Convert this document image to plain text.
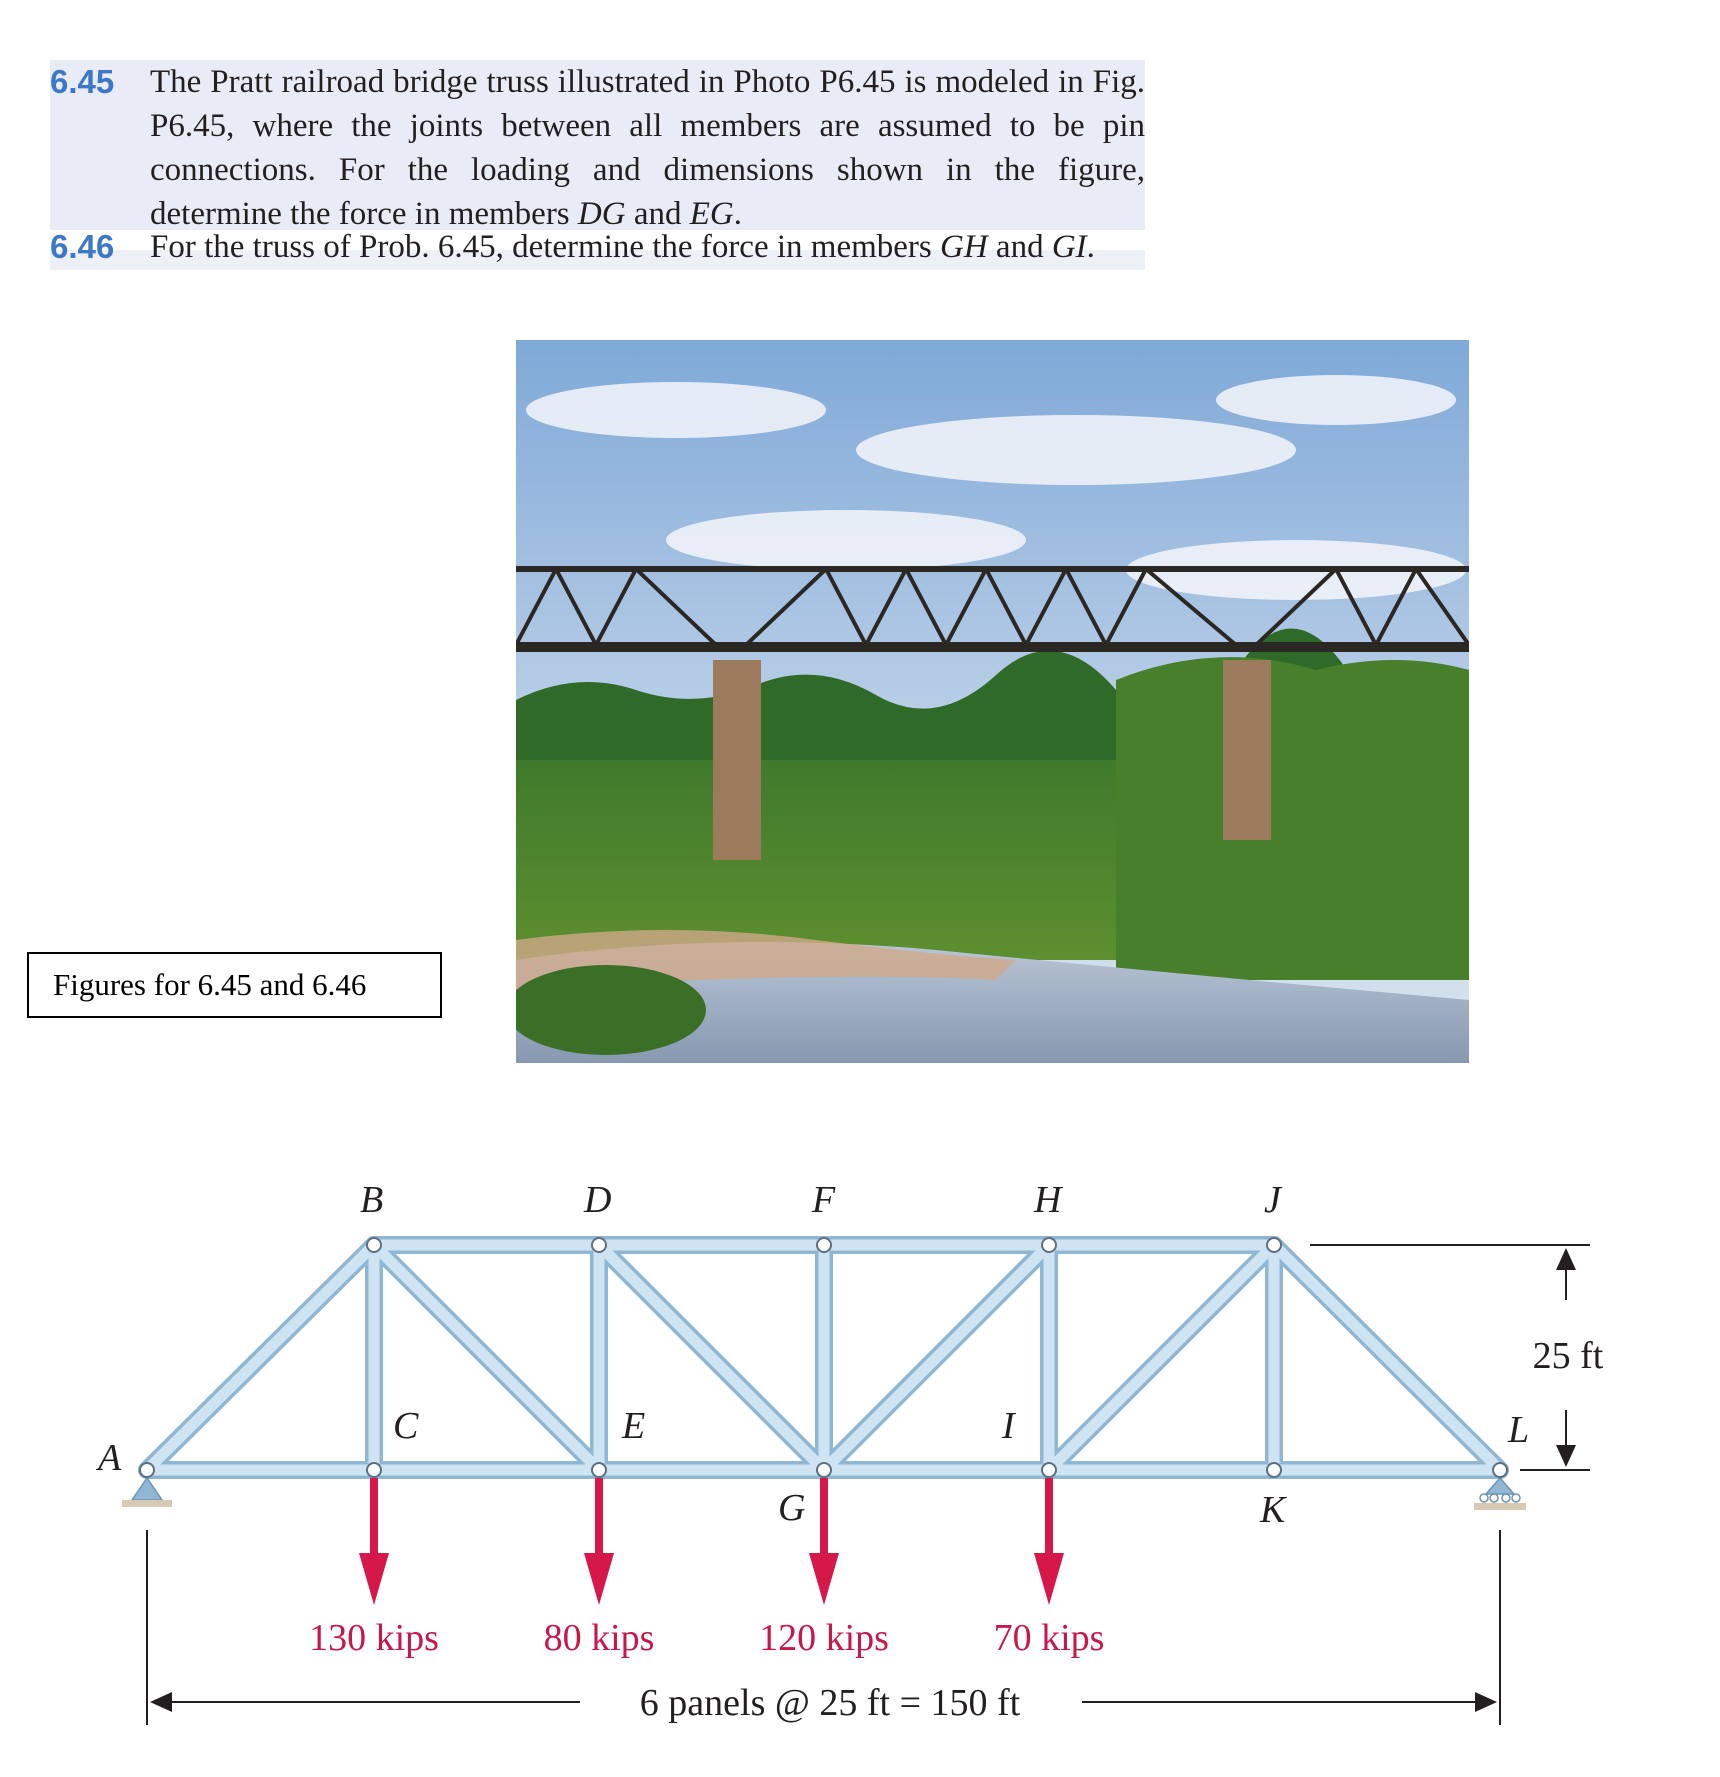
6.45 The Pratt railroad bridge truss illustrated in Photo P6.45 is modeled in Fig. P6.45, where the joints between all members are assumed to be pin connections. For the loading and dimensions shown in the figure, determine the force in members DG and EG.
6.46 For the truss of Prob. 6.45, determine the force in members GH and GI.
Figures for 6.45 and 6.46
A
B
C
D
E
F
G
H
I
J
K
L
130 kips	80 kips	120 kips	70 kips
25 ft
6 panels @ 25 ft = 150 ft
